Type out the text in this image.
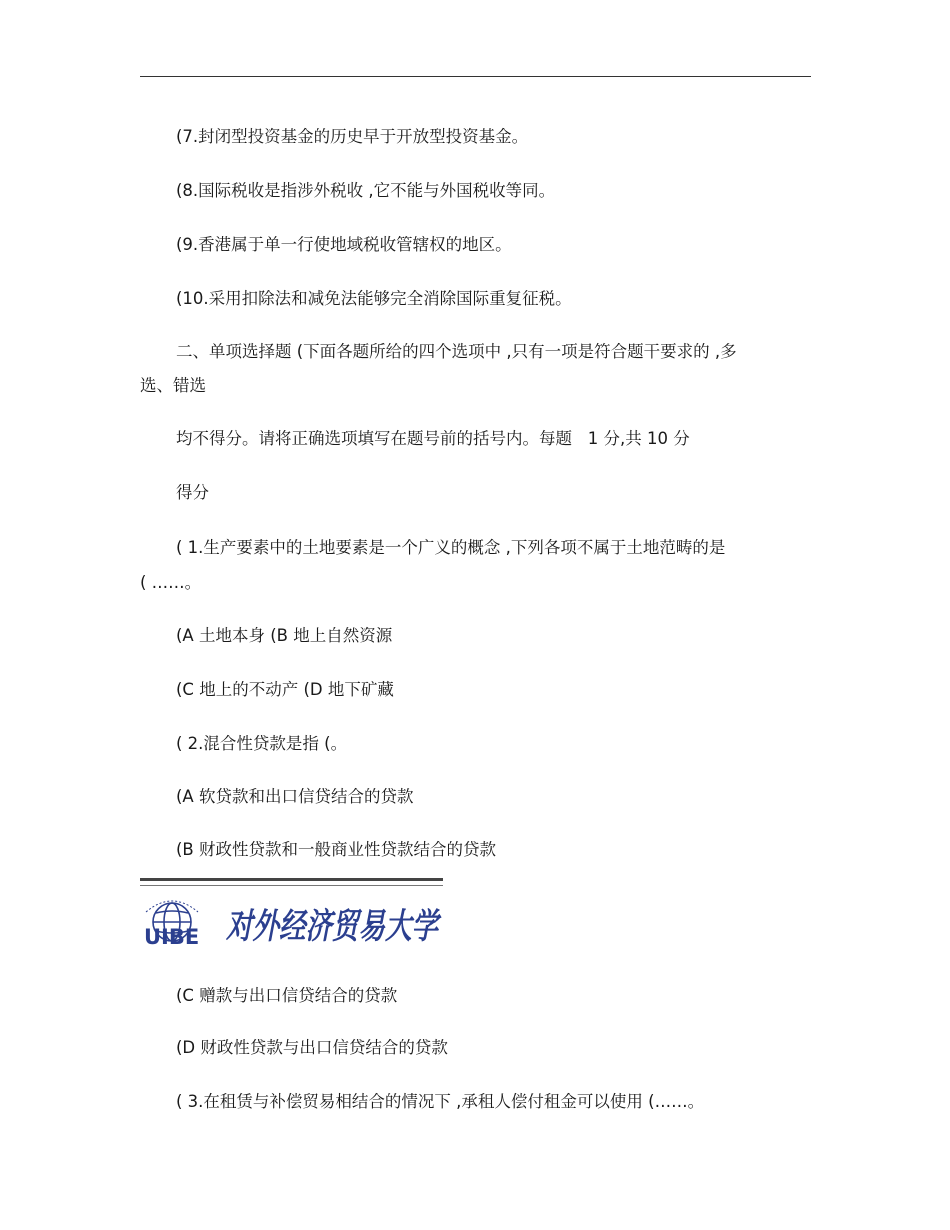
(7.封闭型投资基金的历史早于开放型投资基金。
(8.国际税收是指涉外税收 ,它不能与外国税收等同。
(9.香港属于单一行使地域税收管辖权的地区。
(10.采用扣除法和减免法能够完全消除国际重复征税。
二、单项选择题 (下面各题所给的四个选项中 ,只有一项是符合题干要求的 ,多
选、错选
均不得分。请将正确选项填写在题号前的括号内。每题   1 分,共 10 分
得分
( 1.生产要素中的土地要素是一个广义的概念 ,下列各项不属于土地范畴的是
( ……。
(A 土地本身 (B 地上自然资源
(C 地上的不动产 (D 地下矿藏
( 2.混合性贷款是指 (。
(A 软贷款和出口信贷结合的贷款
(B 财政性贷款和一般商业性贷款结合的贷款
UIBE 对外经济贸易大学
(C 赠款与出口信贷结合的贷款
(D 财政性贷款与出口信贷结合的贷款
( 3.在租赁与补偿贸易相结合的情况下 ,承租人偿付租金可以使用 (……。
